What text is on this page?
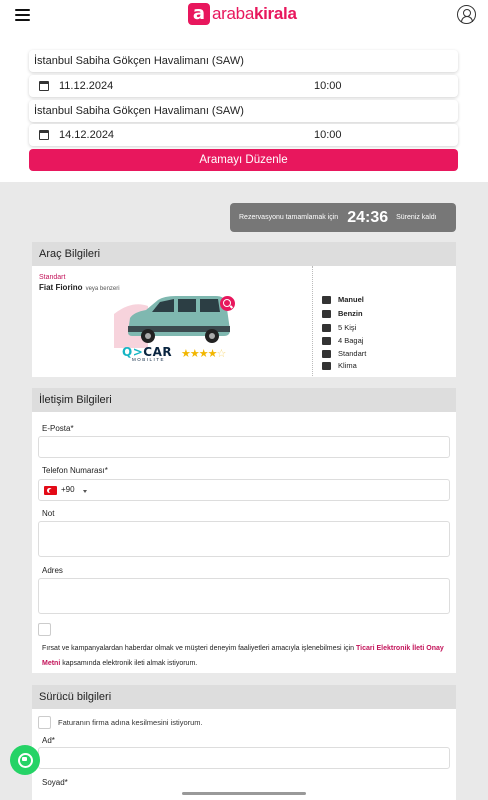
a arabakirala
İstanbul Sabiha Gökçen Havalimanı (SAW)
11.12.2024	10:00
İstanbul Sabiha Gökçen Havalimanı (SAW)
14.12.2024	10:00
Aramayı Düzenle
Rezervasyonu tamamlamak için 24:36 Süreniz kaldı
Araç Bilgileri
Standart
Fiat Fiorino veya benzeri
Q>CAR
MOBILITE	★★★★☆
Manuel
Benzin
5 Kişi
4 Bagaj
Standart
Klima
İletişim Bilgileri
E-Posta*
Telefon Numarası*
+90
Not
Adres
Fırsat ve kampanyalardan haberdar olmak ve müşteri deneyim faaliyetleri amacıyla işlenebilmesi için Ticari Elektronik İleti Onay Metni kapsamında elektronik ileti almak istiyorum.
Sürücü bilgileri
Faturanın firma adına kesilmesini istiyorum.
Ad*
Soyad*
